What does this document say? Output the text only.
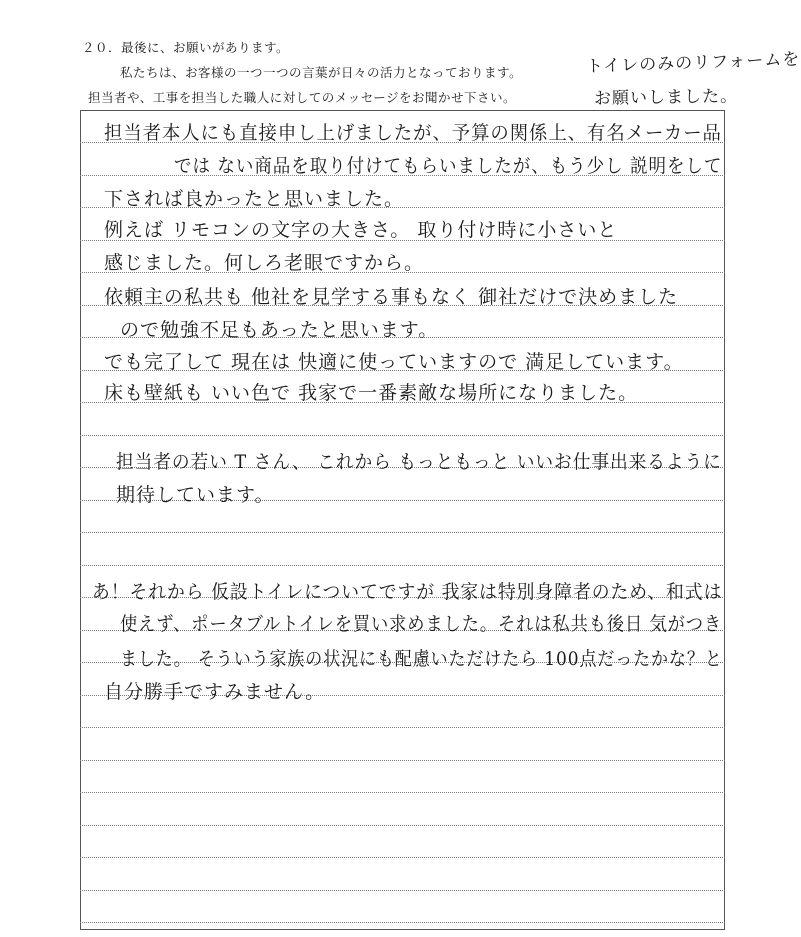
２０．最後に、お願いがあります。
私たちは、お客様の一つ一つの言葉が日々の活力となっております。
担当者や、工事を担当した職人に対してのメッセージをお聞かせ下さい。
トイレのみのリフォームを
お願いしました。
担当者本人にも直接申し上げましたが、予算の関係上、有名メーカー品
では ない商品を取り付けてもらいましたが、もう少し 説明をして
下されば良かったと思いました。
例えば リモコンの文字の大きさ。 取り付け時に小さいと
感じました。何しろ老眼ですから。
依頼主の私共も 他社を見学する事もなく 御社だけで決めました
ので勉強不足もあったと思います。
でも完了して 現在は 快適に使っていますので 満足しています。
床も壁紙も いい色で 我家で一番素敵な場所になりました。
担当者の若い T さん、 これから もっともっと いいお仕事出来るように
期待しています。
あ！それから 仮設トイレについてですが 我家は特別身障者のため、和式は
使えず、ポータブルトイレを買い求めました。それは私共も後日 気がつき
ました。 そういう家族の状況にも配慮いただけたら 100点だったかな？と
自分勝手ですみません。
